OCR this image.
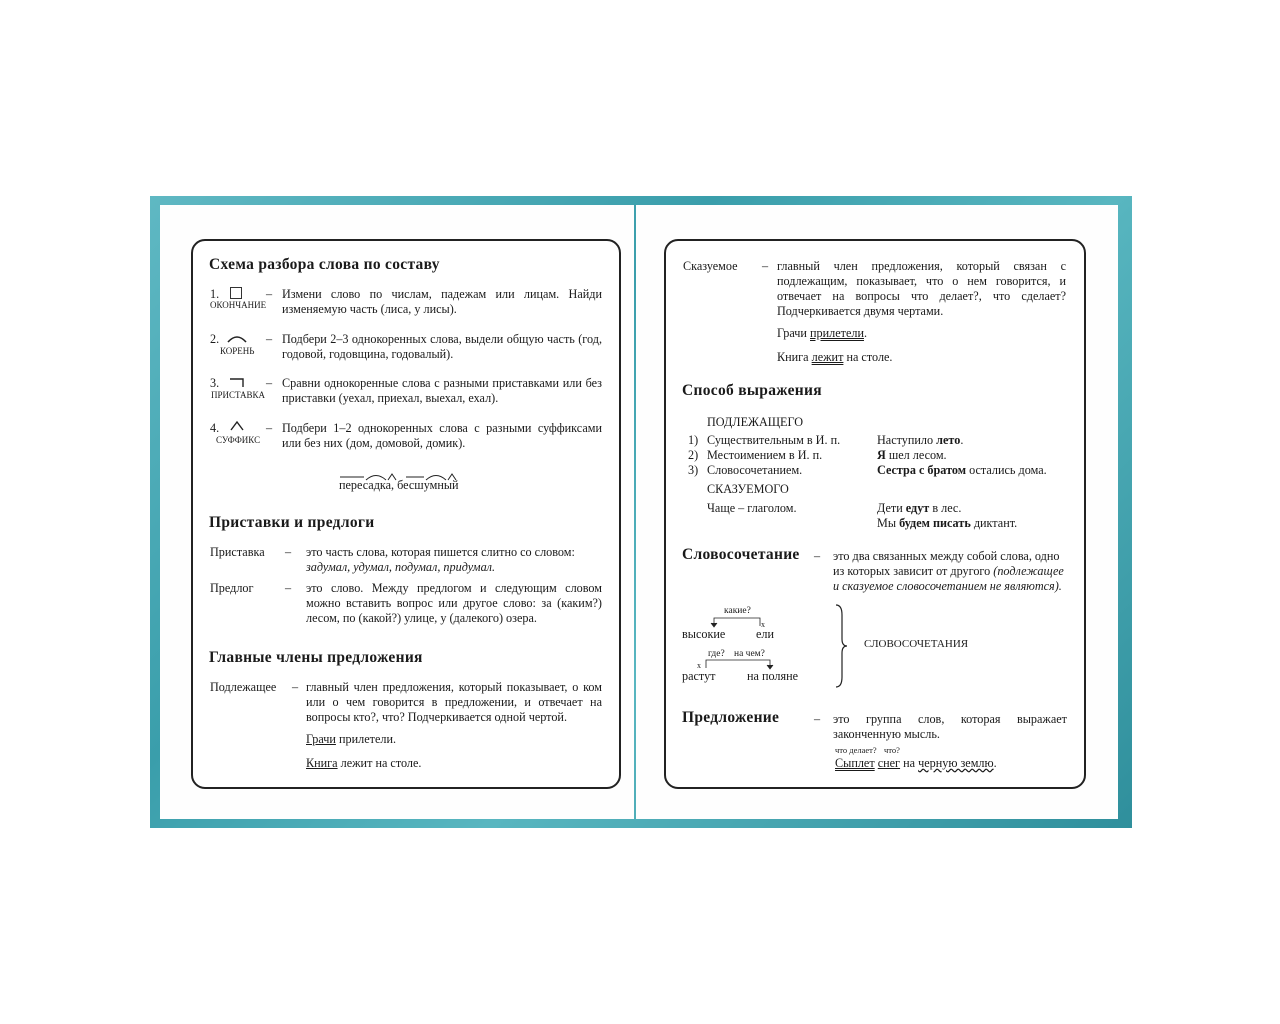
Схема разбора слова по составу
1.
ОКОНЧАНИЕ
– Измени слово по числам, падежам или лицам. Найди изменяемую часть (лиса, у лисы).
2.
КОРЕНЬ
– Подбери 2–3 однокоренных слова, выдели общую часть (год, годовой, годовщина, годовалый).
3.
ПРИСТАВКА
– Сравни однокоренные слова с разными приставками или без приставки (уехал, приехал, выехал, ехал).
4.
СУФФИКС
– Подбери 1–2 однокоренных слова с разными суффиксами или без них (дом, домовой, домик).
пересадка, бесшумный
Приставки и предлоги
Приставка – это часть слова, которая пишется слитно со словом:
задумал, удумал, подумал, придумал.
Предлог	– это слово. Между предлогом и следующим словом можно вставить вопрос или другое слово: за (каким?) лесом, по (какой?) улице, у (далекого) озера.
Главные члены предложения
Подлежащее – главный член предложения, который показывает, о ком или о чем говорится в предложении, и отвечает на вопросы кто?, что? Подчеркивается одной чертой.
Грачи прилетели.
Книга лежит на столе.
Сказуемое – главный член предложения, который связан с подлежащим, показывает, что о нем говорится, и отвечает на вопросы что делает?, что сделает? Подчеркивается двумя чертами.
Грачи прилетели.
Книга лежит на столе.
Способ выражения
ПОДЛЕЖАЩЕГО
1) Существительным в И. п.	Наступило лето.
2) Местоимением в И. п.	Я шел лесом.
3) Словосочетанием.	Сестра с братом остались дома.
СКАЗУЕМОГО
Чаще – глаголом.	Дети едут в лес.
Мы будем писать диктант.
Словосочетание – это два связанных между собой слова, одно из которых зависит от другого (подлежащее и сказуемое словосочетанием не являются).
какие?
x
высокие	ели
где? на чем?
x
растут	на поляне
СЛОВОСОЧЕТАНИЯ
Предложение	– это группа слов, которая выражает законченную мысль.
что делает? что?
Сыплет снег на черную землю.
